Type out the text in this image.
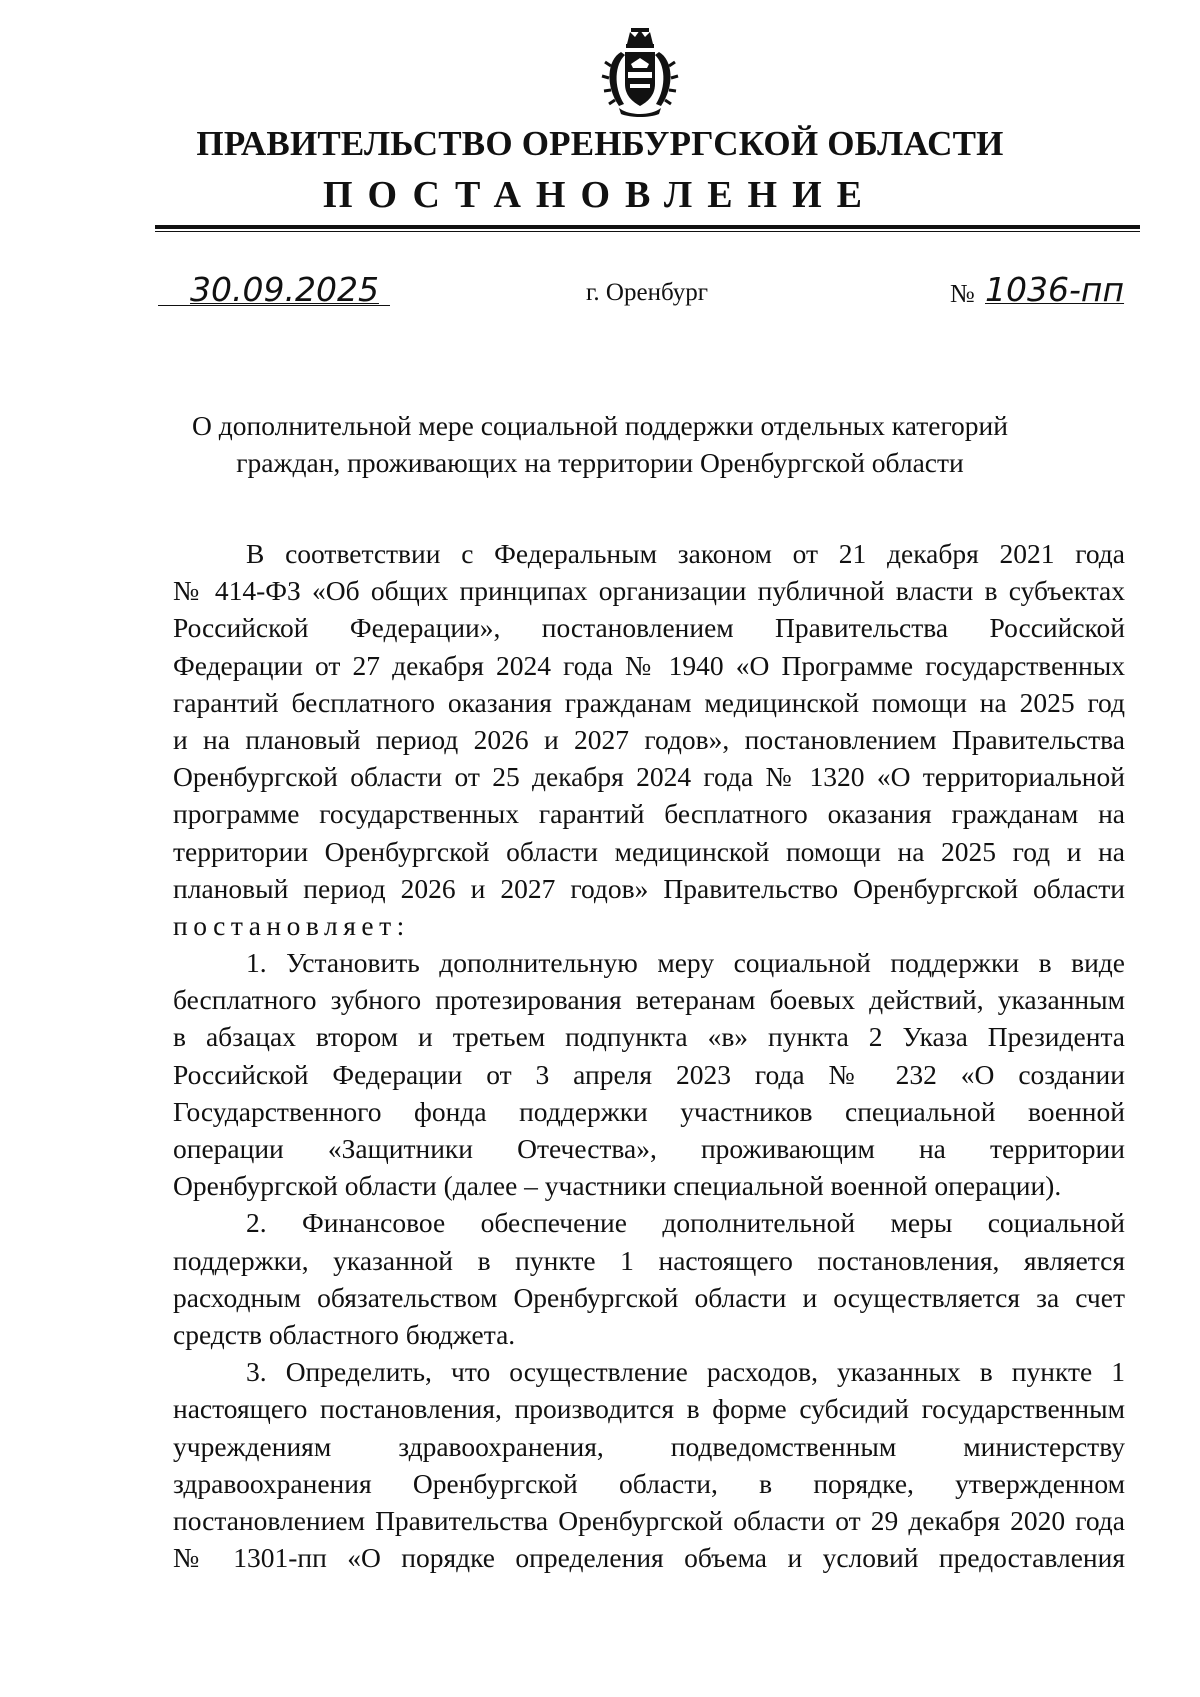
ПРАВИТЕЛЬСТВО ОРЕНБУРГСКОЙ ОБЛАСТИ
ПОСТАНОВЛЕНИЕ
30.09.2025	г. Оренбург	№ 1036-пп
О дополнительной мере социальной поддержки отдельных категорий
граждан, проживающих на территории Оренбургской области
В соответствии с Федеральным законом от 21 декабря 2021 года
№ 414-ФЗ «Об общих принципах организации публичной власти в субъектах
Российской Федерации», постановлением Правительства Российской
Федерации от 27 декабря 2024 года № 1940 «О Программе государственных
гарантий бесплатного оказания гражданам медицинской помощи на 2025 год
и на плановый период 2026 и 2027 годов», постановлением Правительства
Оренбургской области от 25 декабря 2024 года № 1320 «О территориальной
программе государственных гарантий бесплатного оказания гражданам на
территории Оренбургской области медицинской помощи на 2025 год и на
плановый период 2026 и 2027 годов» Правительство Оренбургской области
постановляет:
1. Установить дополнительную меру социальной поддержки в виде
бесплатного зубного протезирования ветеранам боевых действий, указанным
в абзацах втором и третьем подпункта «в» пункта 2 Указа Президента
Российской Федерации от 3 апреля 2023 года № 232 «О создании
Государственного фонда поддержки участников специальной военной
операции «Защитники Отечества», проживающим на территории
Оренбургской области (далее – участники специальной военной операции).
2. Финансовое обеспечение дополнительной меры социальной
поддержки, указанной в пункте 1 настоящего постановления, является
расходным обязательством Оренбургской области и осуществляется за счет
средств областного бюджета.
3. Определить, что осуществление расходов, указанных в пункте 1
настоящего постановления, производится в форме субсидий государственным
учреждениям здравоохранения, подведомственным министерству
здравоохранения Оренбургской области, в порядке, утвержденном
постановлением Правительства Оренбургской области от 29 декабря 2020 года
№ 1301-пп «О порядке определения объема и условий предоставления
